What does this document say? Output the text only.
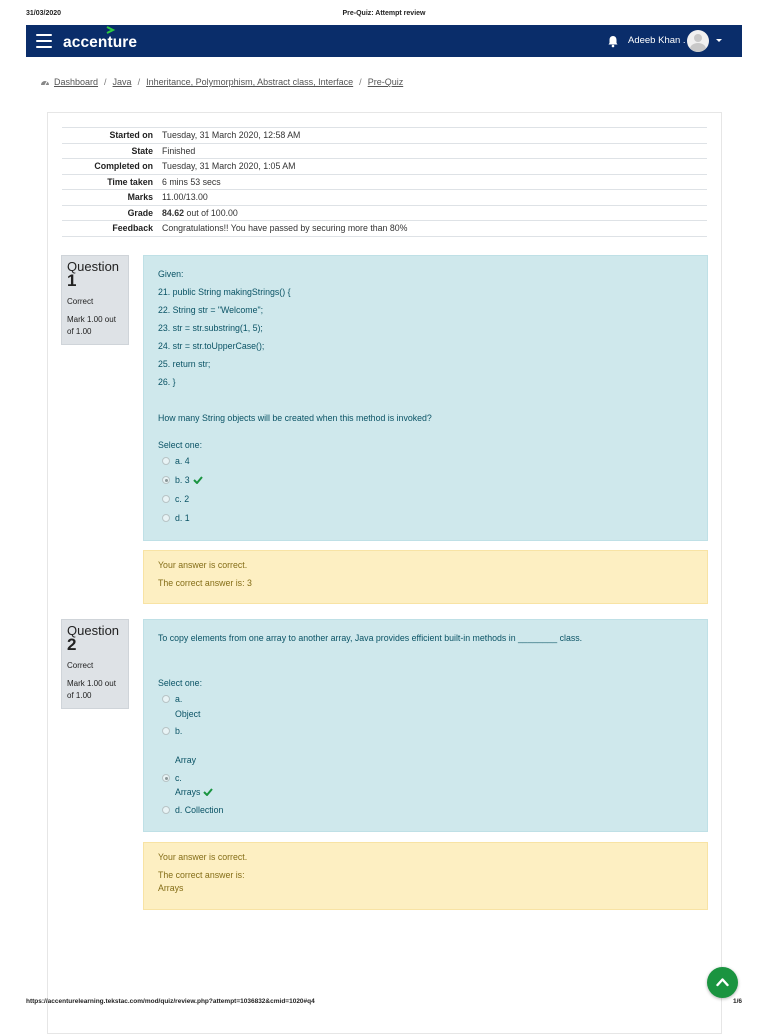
31/03/2020	Pre-Quiz: Attempt review
accenture	Adeeb Khan .
Dashboard / Java / Inheritance, Polymorphism, Abstract class, Interface / Pre-Quiz
Started on	Tuesday, 31 March 2020, 12:58 AM
State	Finished
Completed on	Tuesday, 31 March 2020, 1:05 AM
Time taken	6 mins 53 secs
Marks	11.00/13.00
Grade	84.62 out of 100.00
Feedback	Congratulations!! You have passed by securing more than 80%
Question
1
Correct
Mark 1.00 out of 1.00
Given:
21. public String makingStrings() {
22. String str = "Welcome";
23. str = str.substring(1, 5);
24. str = str.toUpperCase();
25. return str;
26. }
How many String objects will be created when this method is invoked?
Select one:
a. 4
b. 3
c. 2
d. 1
Your answer is correct.
The correct answer is: 3
Question
2
Correct
Mark 1.00 out of 1.00
To copy elements from one array to another array, Java provides efficient built-in methods in ________ class.
Select one:
a.
Object
b.
Array
c.
Arrays
d. Collection
Your answer is correct.
The correct answer is:
Arrays
https://accenturelearning.tekstac.com/mod/quiz/review.php?attempt=1036832&cmid=1020#q4	1/6
